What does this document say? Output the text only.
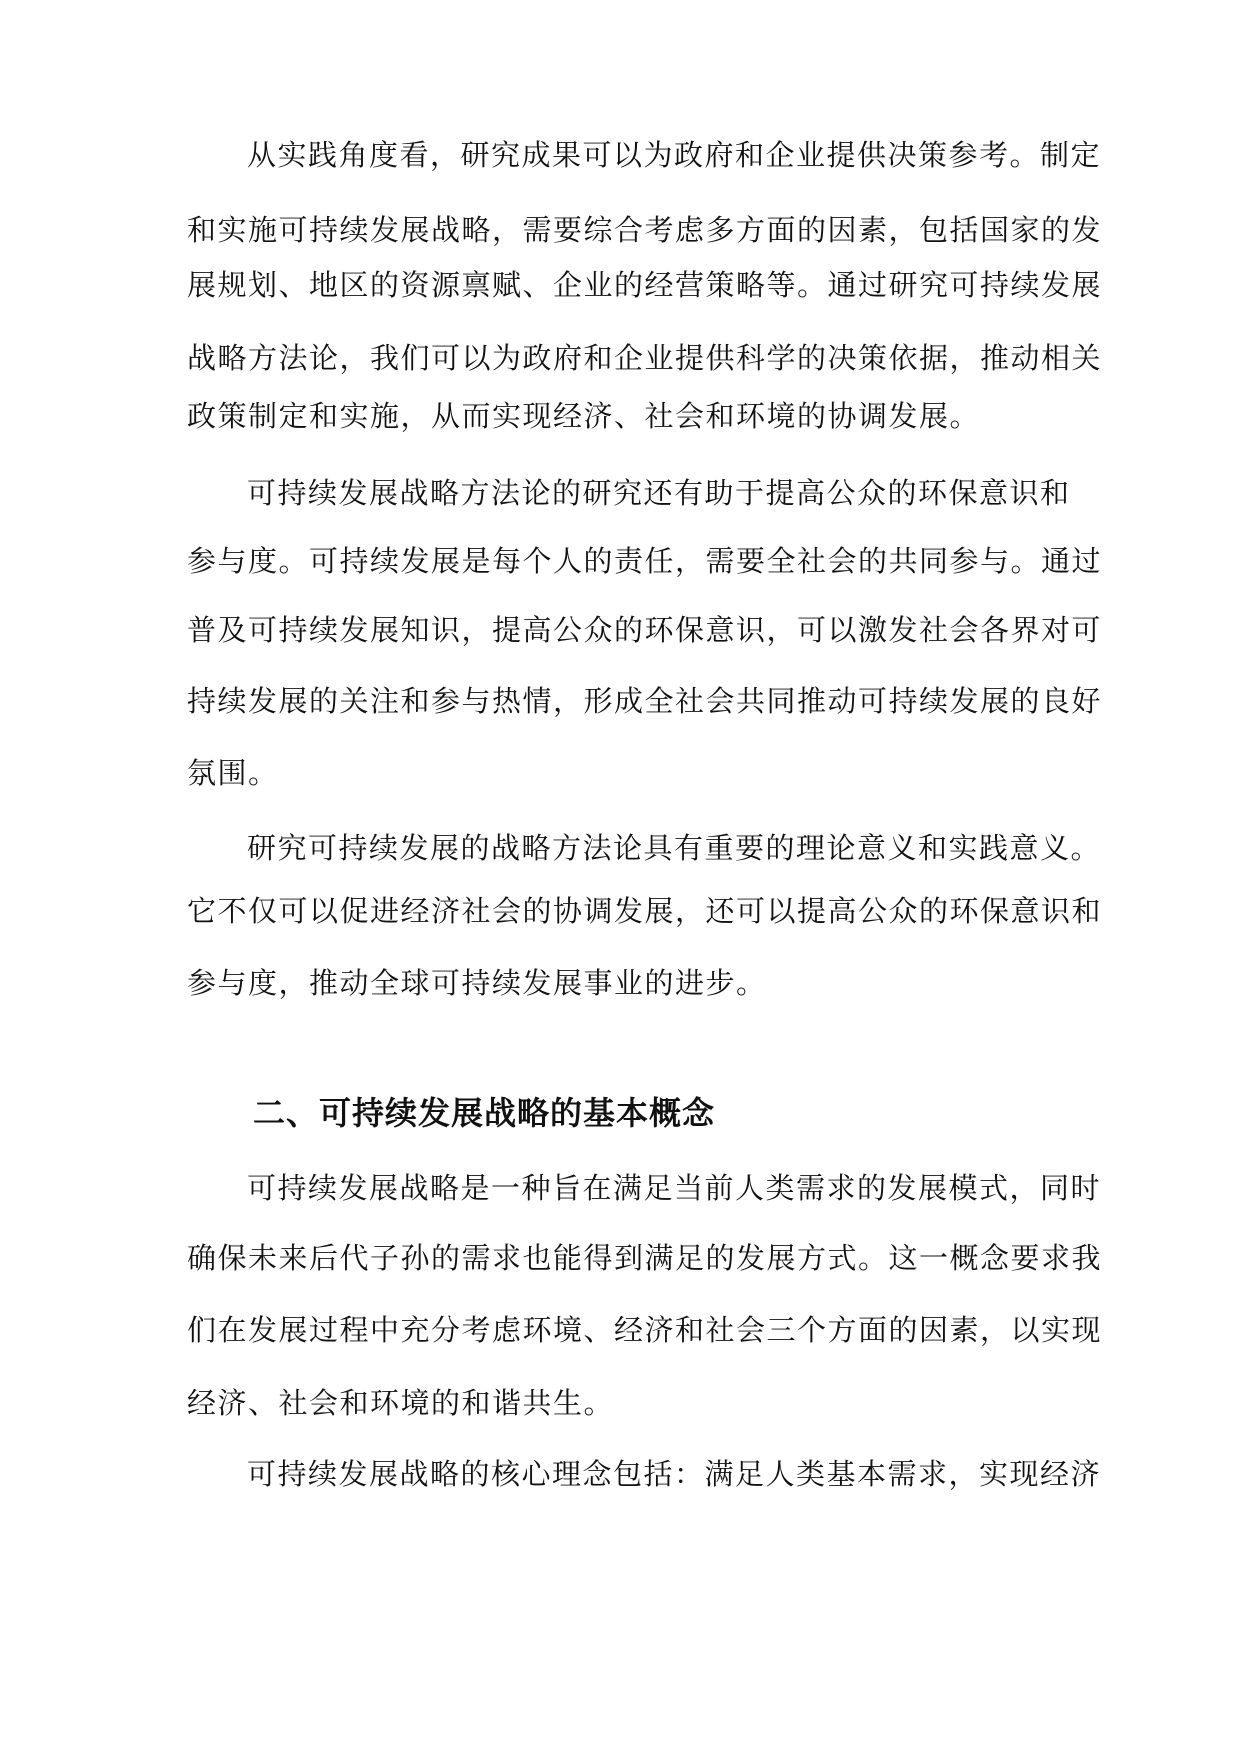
从实践角度看，研究成果可以为政府和企业提供决策参考。制定
和实施可持续发展战略，需要综合考虑多方面的因素，包括国家的发
展规划、地区的资源禀赋、企业的经营策略等。通过研究可持续发展
战略方法论，我们可以为政府和企业提供科学的决策依据，推动相关
政策制定和实施，从而实现经济、社会和环境的协调发展。
可持续发展战略方法论的研究还有助于提高公众的环保意识和
参与度。可持续发展是每个人的责任，需要全社会的共同参与。通过
普及可持续发展知识，提高公众的环保意识，可以激发社会各界对可
持续发展的关注和参与热情，形成全社会共同推动可持续发展的良好
氛围。
研究可持续发展的战略方法论具有重要的理论意义和实践意义。
它不仅可以促进经济社会的协调发展，还可以提高公众的环保意识和
参与度，推动全球可持续发展事业的进步。
二、可持续发展战略的基本概念
可持续发展战略是一种旨在满足当前人类需求的发展模式，同时
确保未来后代子孙的需求也能得到满足的发展方式。这一概念要求我
们在发展过程中充分考虑环境、经济和社会三个方面的因素，以实现
经济、社会和环境的和谐共生。
可持续发展战略的核心理念包括：满足人类基本需求，实现经济
